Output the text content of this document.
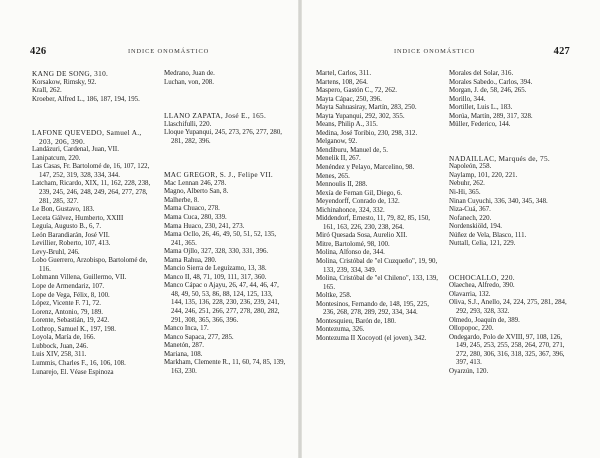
426	INDICE ONOMÁSTICO

KANG DE SONG, 310.

Korsakow, Rimsky, 92.

Krall, 262.

Kroeber, Alfred L., 186, 187, 194, 195.

LAFONE QUEVEDO, Samuel A., 203, 206, 390.

Landázuri, Cardenal, Juan, VII.

Lanipatcum, 220.

Las Casas, Fr. Bartolomé de, 16, 107, 122, 147, 252, 319, 328, 334, 344.

Latcham, Ricardo, XIX, 11, 162, 228, 238, 239, 245, 246, 248, 249, 264, 277, 278, 281, 285, 327.

Le Bon, Gustavo, 183.

Leceta Gálvez, Humberto, XXIII

Leguía, Augusto B., 6, 7.

León Barandiarán, José VII.

Levillier, Roberto, 107, 413.

Levy-Bruhl, 246.

Lobo Guerrero, Arzobispo, Bartolomé de, 116.

Lohmann Villena, Guillermo, VII.

Lope de Armendariz, 107.

Lope de Vega, Félix, 8, 100.

López, Vicente F. 71, 72.

Lorenz, Antonio, 79, 189.

Lorente, Sebastián, 19, 242.

Lothrop, Samuel K., 197, 198.

Loyola, María de, 166.

Lubbock, Juan, 246.

Luis XIV, 258, 311.

Lummis, Charles F., 16, 106, 108.

Lunarejo, El. Véase Espinoza

Medrano, Juan de.

Luchan, von, 208.

LLANO ZAPATA, José E., 165.

Llaschifulli, 220.

Lloque Yupanqui, 245, 273, 276, 277, 280, 281, 282, 396.

MAC GREGOR, S. J., Felipe VII.

Mac Lennan 246, 278.

Magno, Alberto San, 8.

Malherbe, 8.

Mama Chuaco, 278.

Mama Cuca, 280, 339.

Mama Huaco, 230, 241, 273.

Mama Ocllo, 26, 46, 49, 50, 51, 52, 135, 241, 365.

Mama Ojllo, 327, 328, 330, 331, 396.

Mama Rahua, 280.

Mancio Sierra de Leguízamo, 13, 38.

Manco II, 48, 71, 109, 111, 317, 360.

Manco Cápac o Ajayu, 26, 47, 44, 46, 47, 48, 49, 50, 53, 86, 88, 124, 125, 133, 144, 135, 136, 228, 230, 236, 239, 241, 244, 246, 251, 266, 277, 278, 280, 282, 291, 308, 365, 366, 396.

Manco Inca, 17.

Manco Sapaca, 277, 285.

Manetón, 287.

Mariana, 108.

Markham, Clemente R., 11, 60, 74, 85, 139, 163, 230.

INDICE ONOMÁSTICO	427

Martel, Carlos, 311.

Martens, 108, 264.

Maspero, Gastón C., 72, 262.

Mayta Cápac, 250, 396.

Mayta Sahuasiray, Martín, 283, 250.

Mayta Yupanqui, 292, 302, 355.

Means, Philip A., 315.

Medina, José Toribio, 230, 298, 312.

Melganow, 92.

Mendiburu, Manuel de, 5.

Menelik II, 267.

Menéndez y Pelayo, Marcelino, 98.

Menes, 265.

Mennoulis II, 288.

Mexía de Fernan Gil, Diego, 6.

Meyendorff, Conrado de, 132.

Michinahonce, 324, 332.

Middendorf, Ernesto, 11, 79, 82, 85, 150, 161, 163, 226, 230, 238, 264.

Miró Quesada Sosa, Aurelio XII.

Mitre, Bartolomé, 98, 100.

Molina, Alfonso de, 344.

Molina, Cristóbal de "el Cuzqueño", 19, 90, 133, 239, 334, 349.

Molina, Cristóbal de "el Chileno", 133, 139, 165.

Moltke, 258.

Montesinos, Fernando de, 148, 195, 225, 236, 268, 278, 289, 292, 334, 344.

Montesquieu, Barón de, 180.

Montezuma, 326.

Montezuma II Xocoyotl (el joven), 342.

Morales del Solar, 316.

Morales Sabedo., Carlos, 394.

Morgan, J. de, 58, 246, 265.

Morillo, 344.

Mortillet, Luis L., 183.

Morúa, Martín, 289, 317, 328.

Müller, Federico, 144.

NADAILLAC, Marqués de, 75.

Napoleón, 258.

Naylamp, 101, 220, 221.

Nebuhr, 262.

Ni-Hi, 365.

Ninan Cuyuchi, 336, 340, 345, 348.

Niza-Cuá, 367.

Nofanech, 220.

Nordenskiöld, 194.

Núñez de Vela, Blasco, 111.

Nuttall, Celia, 121, 229.

OCHOCALLO, 220.

Olaechea, Alfredo, 390.

Olavarria, 132.

Oliva, S.J., Anello, 24, 224, 275, 281, 284, 292, 293, 328, 332.

Olmedo, Joaquín de, 389.

Ollopopoc, 220.

Ondegardo, Polo de XVIII, 97, 108, 126, 149, 245, 253, 255, 258, 264, 270, 271, 272, 280, 306, 316, 318, 325, 367, 396, 397, 413.

Oyarzún, 120.
